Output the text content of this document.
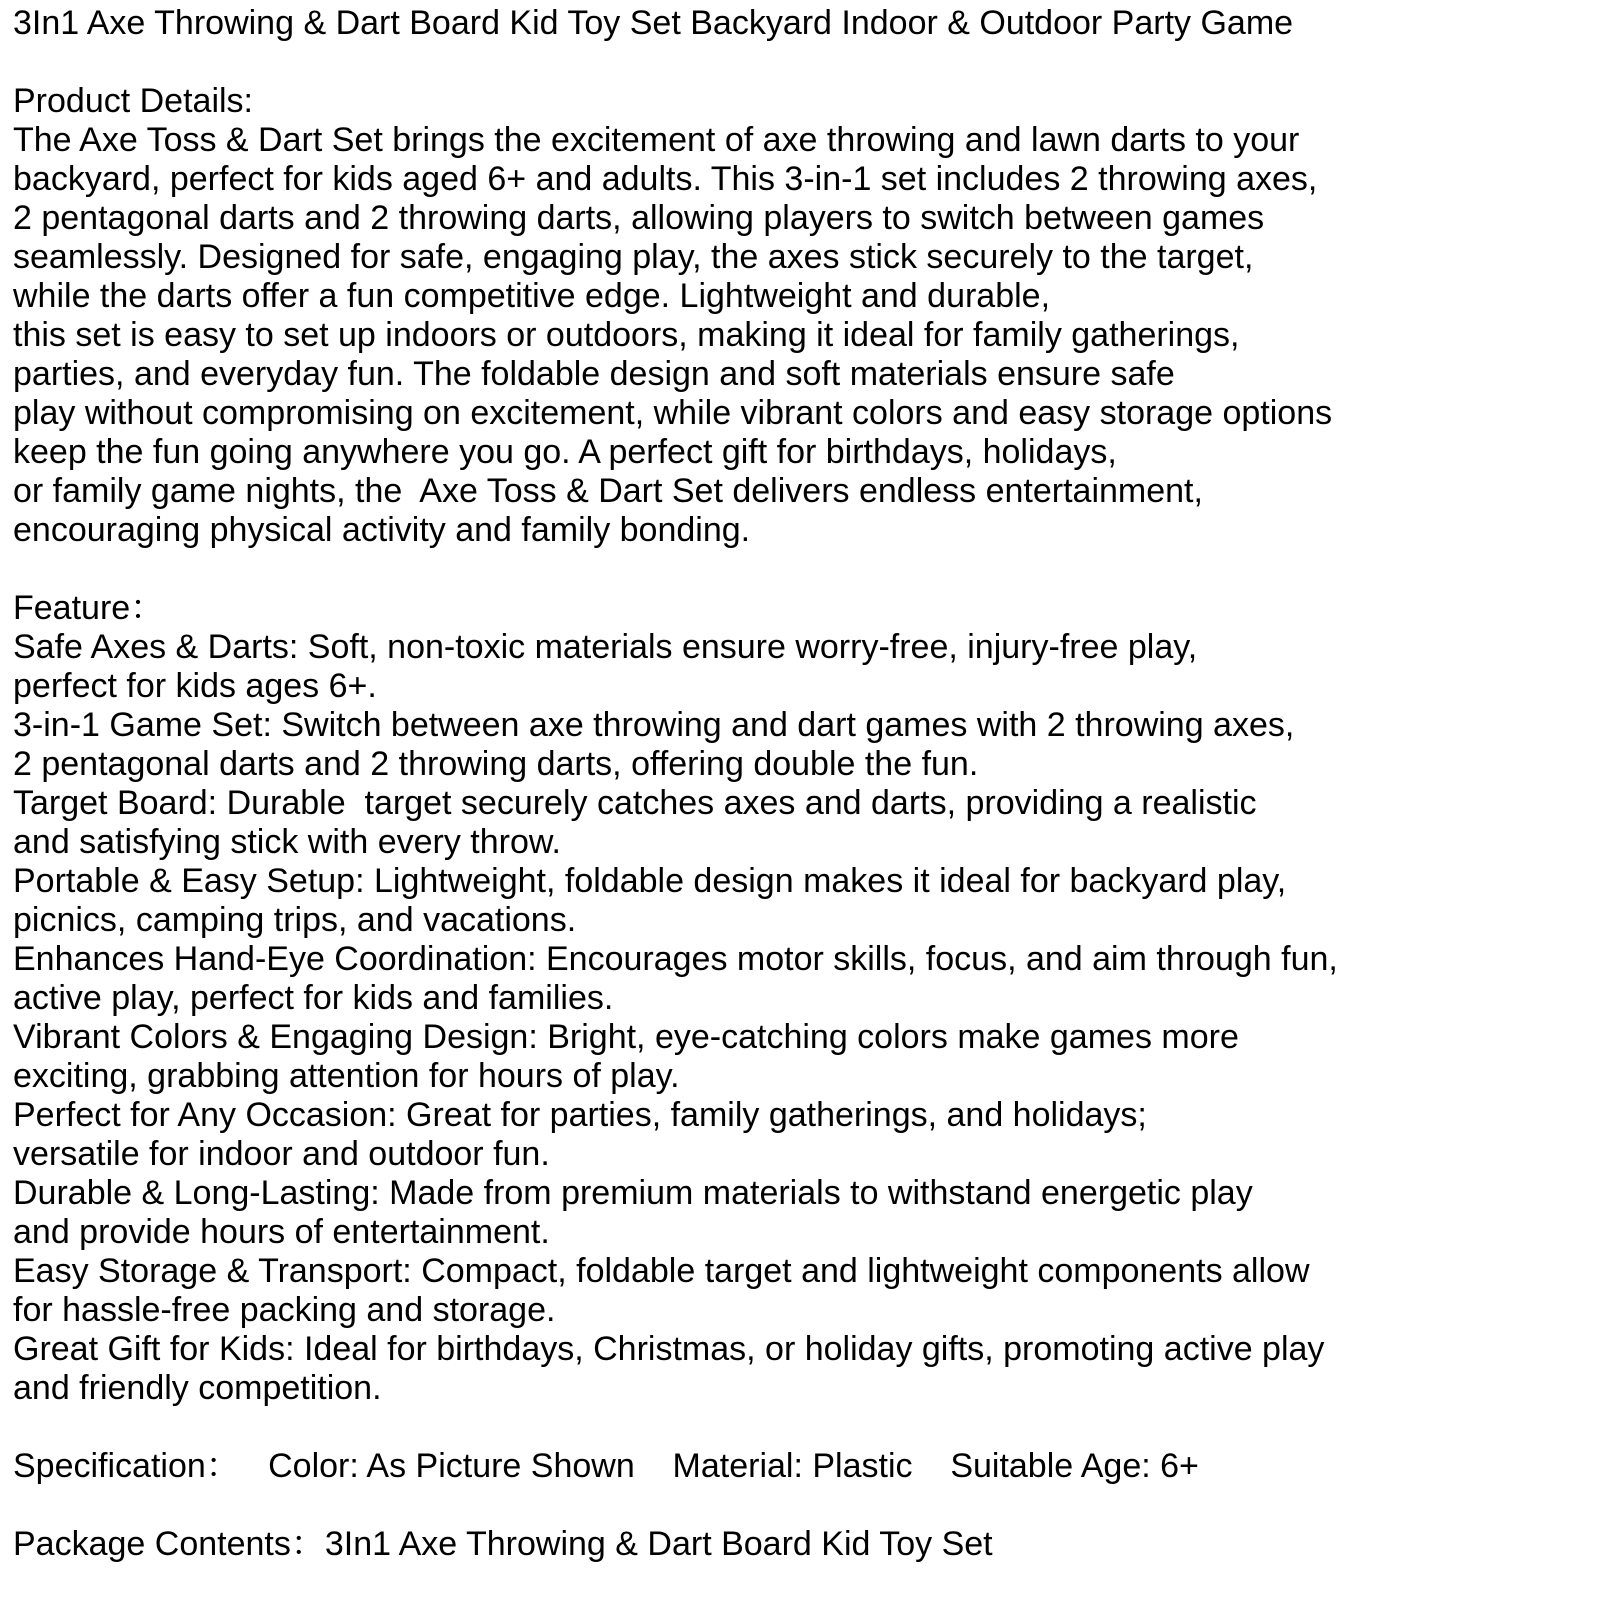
3In1 Axe Throwing & Dart Board Kid Toy Set Backyard Indoor & Outdoor Party Game
Product Details:
The Axe Toss & Dart Set brings the excitement of axe throwing and lawn darts to your
backyard, perfect for kids aged 6+ and adults. This 3-in-1 set includes 2 throwing axes,
2 pentagonal darts and 2 throwing darts, allowing players to switch between games
seamlessly. Designed for safe, engaging play, the axes stick securely to the target,
while the darts offer a fun competitive edge. Lightweight and durable,
this set is easy to set up indoors or outdoors, making it ideal for family gatherings,
parties, and everyday fun. The foldable design and soft materials ensure safe
play without compromising on excitement, while vibrant colors and easy storage options
keep the fun going anywhere you go. A perfect gift for birthdays, holidays,
or family game nights, the  Axe Toss & Dart Set delivers endless entertainment,
encouraging physical activity and family bonding.
Feature：
Safe Axes & Darts: Soft, non-toxic materials ensure worry-free, injury-free play,
perfect for kids ages 6+.
3-in-1 Game Set: Switch between axe throwing and dart games with 2 throwing axes,
2 pentagonal darts and 2 throwing darts, offering double the fun.
Target Board: Durable  target securely catches axes and darts, providing a realistic
and satisfying stick with every throw.
Portable & Easy Setup: Lightweight, foldable design makes it ideal for backyard play,
picnics, camping trips, and vacations.
Enhances Hand-Eye Coordination: Encourages motor skills, focus, and aim through fun,
active play, perfect for kids and families.
Vibrant Colors & Engaging Design: Bright, eye-catching colors make games more
exciting, grabbing attention for hours of play.
Perfect for Any Occasion: Great for parties, family gatherings, and holidays;
versatile for indoor and outdoor fun.
Durable & Long-Lasting: Made from premium materials to withstand energetic play
and provide hours of entertainment.
Easy Storage & Transport: Compact, foldable target and lightweight components allow
for hassle-free packing and storage.
Great Gift for Kids: Ideal for birthdays, Christmas, or holiday gifts, promoting active play
and friendly competition.
Specification： Color: As Picture Shown Material: Plastic Suitable Age: 6+
Package Contents：3In1 Axe Throwing & Dart Board Kid Toy Set
